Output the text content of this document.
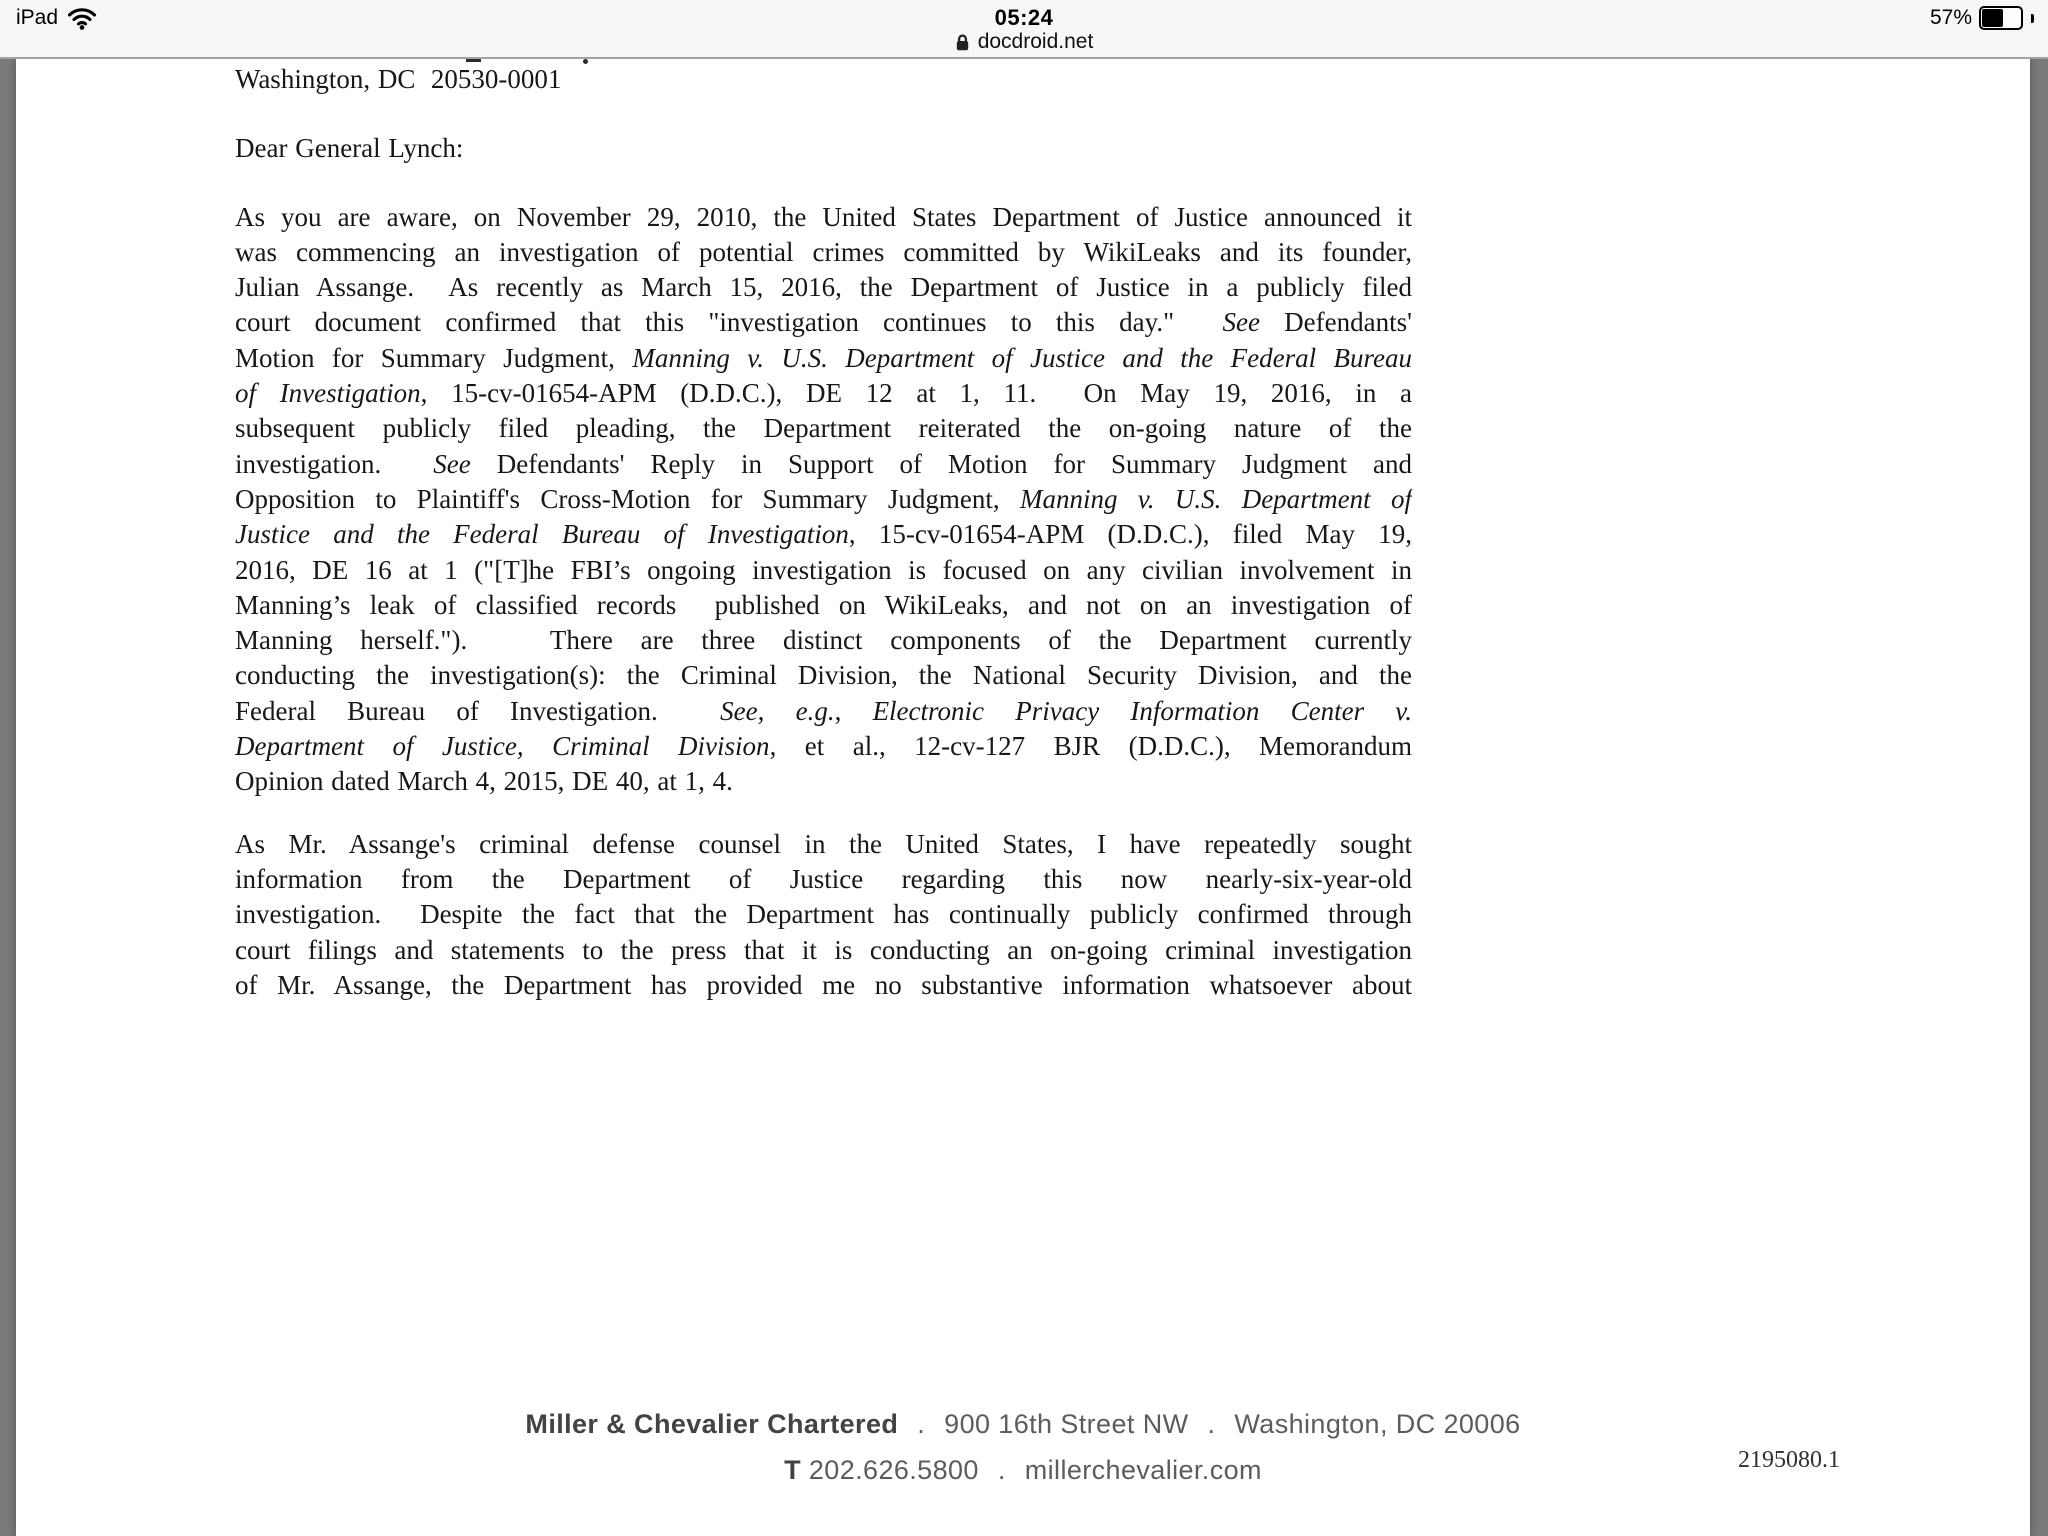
iPad	05:24	57%
docdroid.net
Washington, DC  20530-0001
Dear General Lynch:
As you are aware, on November 29, 2010, the United States Department of Justice announced it
was commencing an investigation of potential crimes committed by WikiLeaks and its founder,
Julian Assange.  As recently as March 15, 2016, the Department of Justice in a publicly filed
court document confirmed that this "investigation continues to this day."  See Defendants'
Motion for Summary Judgment, Manning v. U.S. Department of Justice and the Federal Bureau
of Investigation, 15-cv-01654-APM (D.D.C.), DE 12 at 1, 11.  On May 19, 2016, in a
subsequent publicly filed pleading, the Department reiterated the on-going nature of the
investigation.  See Defendants' Reply in Support of Motion for Summary Judgment and
Opposition to Plaintiff's Cross-Motion for Summary Judgment, Manning v. U.S. Department of
Justice and the Federal Bureau of Investigation, 15-cv-01654-APM (D.D.C.), filed May 19,
2016, DE 16 at 1 ("[T]he FBI’s ongoing investigation is focused on any civilian involvement in
Manning’s leak of classified records  published on WikiLeaks, and not on an investigation of
Manning herself.").   There are three distinct components of the Department currently
conducting the investigation(s): the Criminal Division, the National Security Division, and the
Federal Bureau of Investigation.  See, e.g., Electronic Privacy Information Center v.
Department of Justice, Criminal Division, et al., 12-cv-127 BJR (D.D.C.), Memorandum
Opinion dated March 4, 2015, DE 40, at 1, 4.
As Mr. Assange's criminal defense counsel in the United States, I have repeatedly sought
information from the Department of Justice regarding this now nearly-six-year-old
investigation.  Despite the fact that the Department has continually publicly confirmed through
court filings and statements to the press that it is conducting an on-going criminal investigation
of Mr. Assange, the Department has provided me no substantive information whatsoever about
Miller & Chevalier Chartered . 900 16th Street NW . Washington, DC 20006
T 202.626.5800 . millerchevalier.com	2195080.1
